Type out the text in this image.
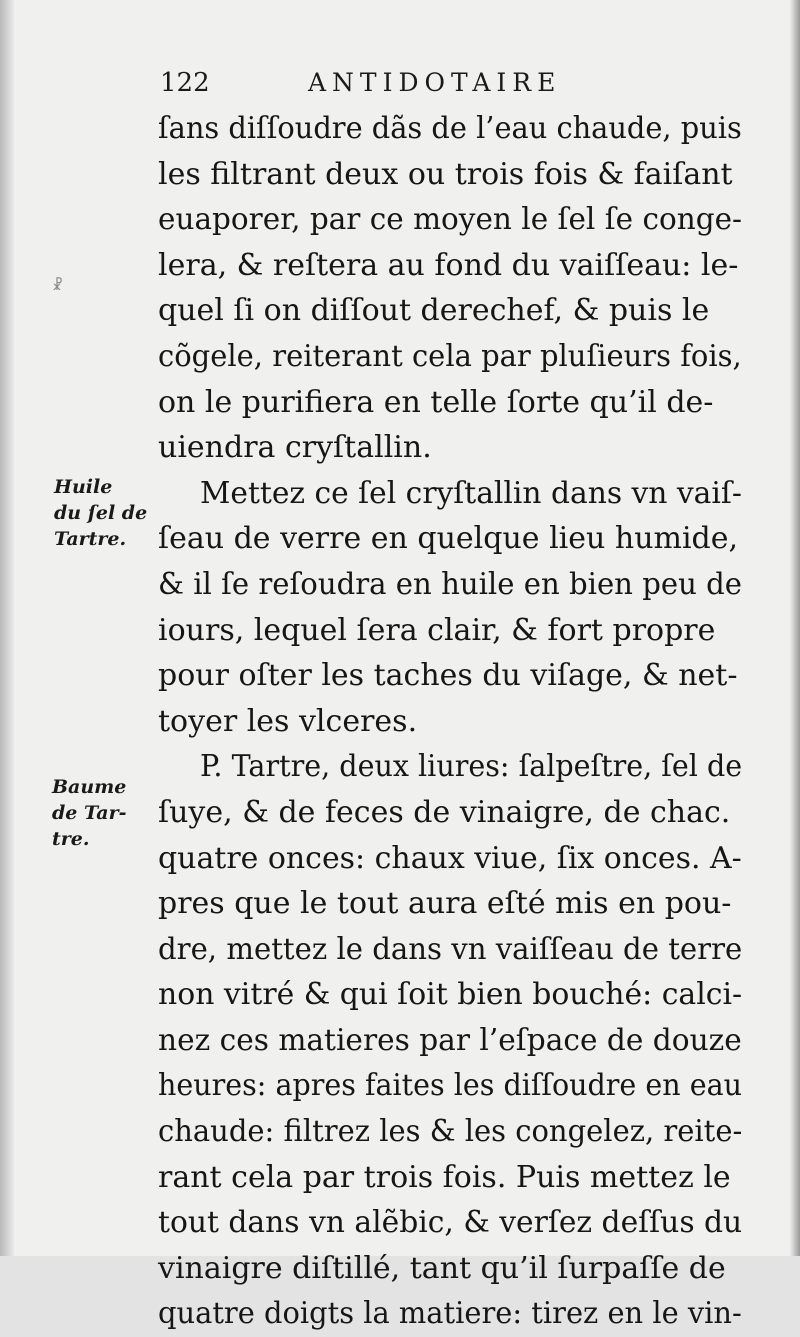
122	ANTIDOTAIRE
☧
Huile
du ſel de
Tartre.
Baume
de Tar-
tre.
ſans diſſoudre dãs de l’eau chaude, puis
les filtrant deux ou trois fois & faiſant
euaporer, par ce moyen le ſel ſe conge-
lera, & reſtera au fond du vaiſſeau: le-
quel ſi on diſſout derechef, & puis le
cõgele, reiterant cela par pluſieurs fois,
on le purifiera en telle ſorte qu’il de-
uiendra cryſtallin.
Mettez ce ſel cryſtallin dans vn vaiſ-
ſeau de verre en quelque lieu humide,
& il ſe reſoudra en huile en bien peu de
iours, lequel ſera clair, & fort propre
pour oſter les taches du viſage, & net-
toyer les vlceres.
P. Tartre, deux liures: ſalpeſtre, ſel de
ſuye, & de feces de vinaigre, de chac.
quatre onces: chaux viue, ſix onces. A-
pres que le tout aura eſté mis en pou-
dre, mettez le dans vn vaiſſeau de terre
non vitré & qui ſoit bien bouché: calci-
nez ces matieres par l’eſpace de douze
heures: apres faites les diſſoudre en eau
chaude: filtrez les & les congelez, reite-
rant cela par trois fois. Puis mettez le
tout dans vn alẽbic, & verſez deſſus du
vinaigre diſtillé, tant qu’il ſurpaſſe de
quatre doigts la matiere: tirez en le vin-
